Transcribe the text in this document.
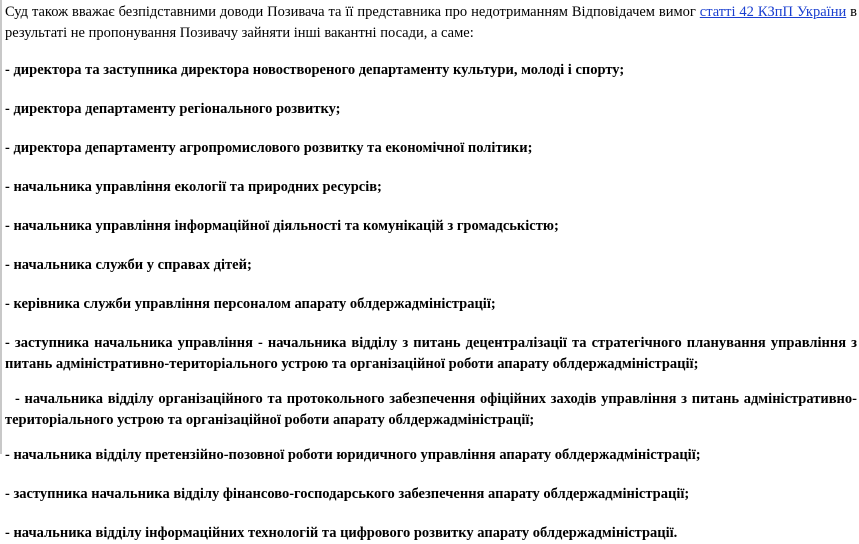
Суд також вважає безпідставними доводи Позивача та її представника про недотриманням Відповідачем вимог статті 42 КЗпП України в результаті не пропонування Позивачу зайняти інші вакантні посади, а саме:

- директора та заступника директора новоствореного департаменту культури, молоді і спорту;

- директора департаменту регіонального розвитку;

- директора департаменту агропромислового розвитку та економічної політики;

- начальника управління екології та природних ресурсів;

- начальника управління інформаційної діяльності та комунікацій з громадськістю;

- начальника служби у справах дітей;

- керівника служби управління персоналом апарату облдержадміністрації;

- заступника начальника управління - начальника відділу з питань децентралізації та стратегічного планування управління з питань адміністративно-територіального устрою та організаційної роботи апарату облдержадміністрації;

- начальника відділу організаційного та протокольного забезпечення офіційних заходів управління з питань адміністративно-територіального устрою та організаційної роботи апарату облдержадміністрації;

- начальника відділу претензійно-позовної роботи юридичного управління апарату облдержадміністрації;

- заступника начальника відділу фінансово-господарського забезпечення апарату облдержадміністрації;

- начальника відділу інформаційних технологій та цифрового розвитку апарату облдержадміністрації.
